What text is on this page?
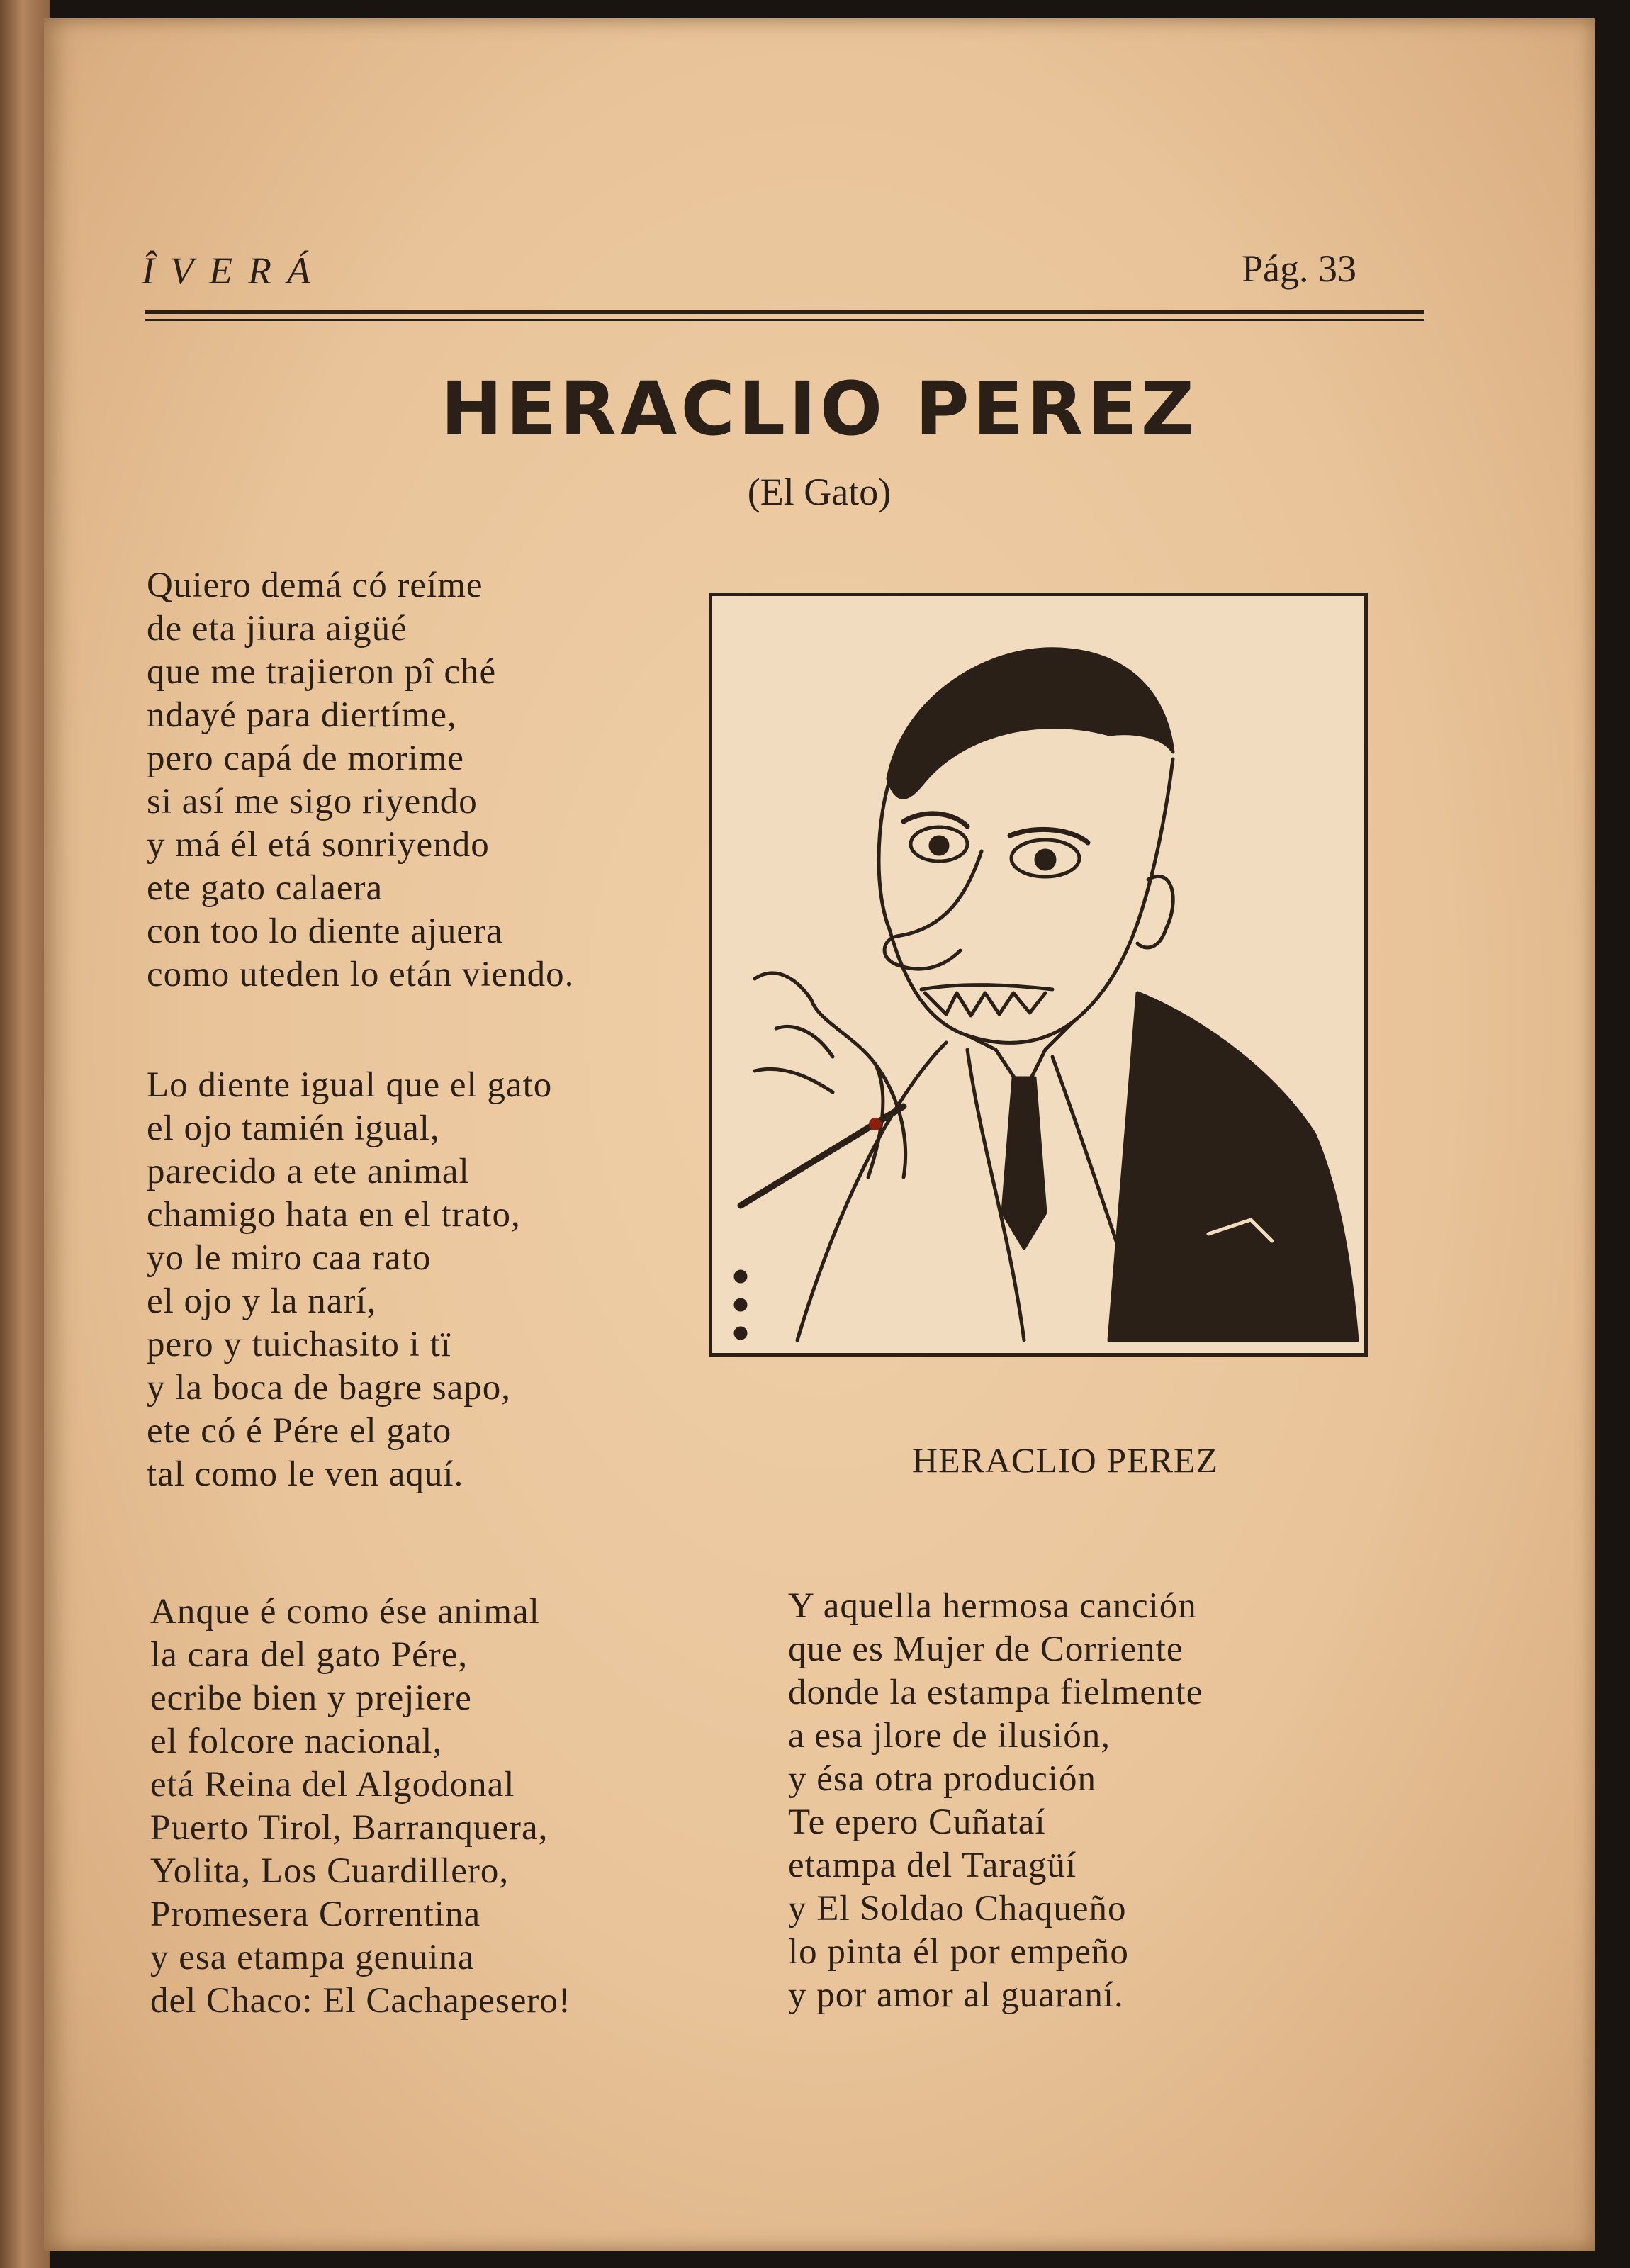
ÎVERÁ	Pág. 33
HERACLIO PEREZ
(El Gato)
Quiero demá có reíme
de eta jiura aigüé
que me trajieron pî ché
ndayé para diertíme,
pero capá de morime
si así me sigo riyendo
y má él etá sonriyendo
ete gato calaera
con too lo diente ajuera
como uteden lo etán viendo.
Lo diente igual que el gato
el ojo tamién igual,
parecido a ete animal
chamigo hata en el trato,
yo le miro caa rato
el ojo y la narí,
pero y tuichasito i tï
y la boca de bagre sapo,
ete có é Pére el gato
tal como le ven aquí.	HERACLIO PEREZ
Anque é como ése animal
la cara del gato Pére,
ecribe bien y prejiere
el folcore nacional,
etá Reina del Algodonal
Puerto Tirol, Barranquera,
Yolita, Los Cuardillero,
Promesera Correntina
y esa etampa genuina
del Chaco: El Cachapesero!
Y aquella hermosa canción
que es Mujer de Corriente
donde la estampa fielmente
a esa jlore de ilusión,
y ésa otra produción
Te epero Cuñataí
etampa del Taragüí
y El Soldao Chaqueño
lo pinta él por empeño
y por amor al guaraní.
